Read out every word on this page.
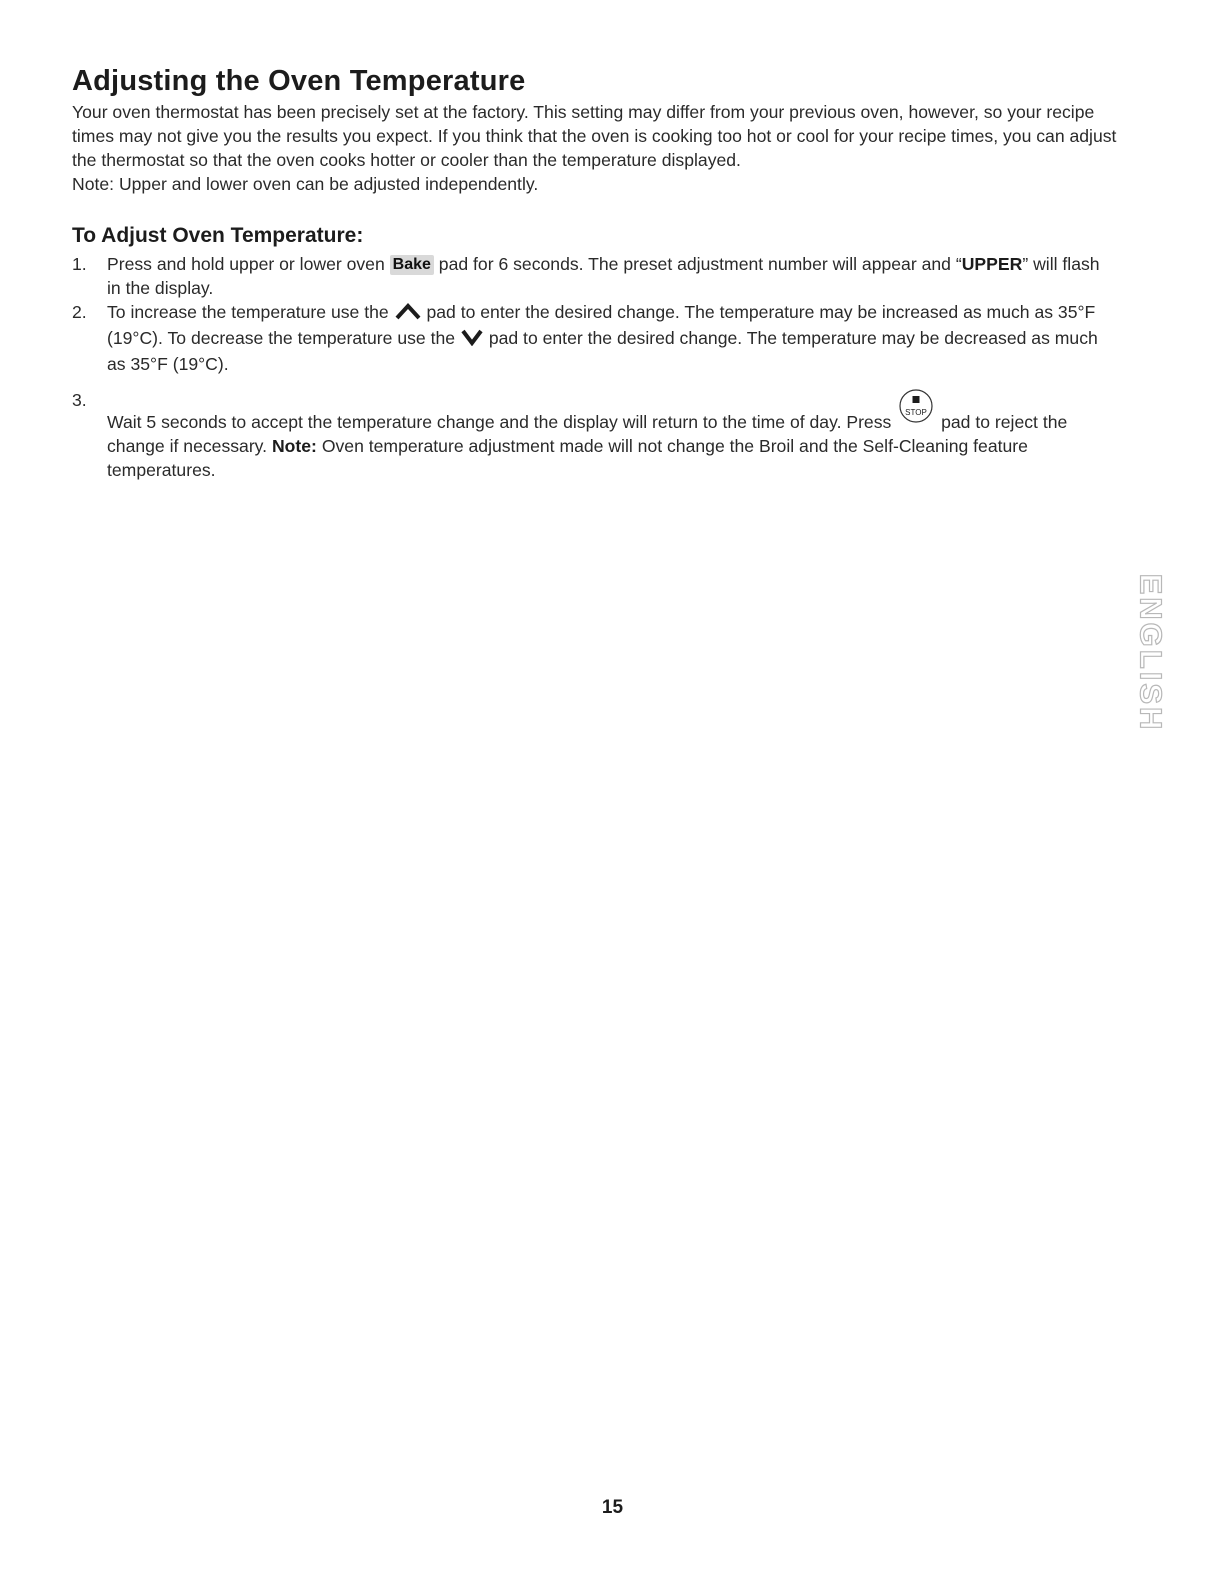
Adjusting the Oven Temperature

Your oven thermostat has been precisely set at the factory. This setting may differ from your previous oven, however, so your recipe times may not give you the results you expect. If you think that the oven is cooking too hot or cool for your recipe times, you can adjust the thermostat so that the oven cooks hotter or cooler than the temperature displayed.

Note: Upper and lower oven can be adjusted independently.

To Adjust Oven Temperature:
1. Press and hold upper or lower oven Bake pad for 6 seconds. The preset adjustment number will appear and “UPPER” will flash in the display.
2. To increase the temperature use the pad to enter the desired change. The temperature may be increased as much as 35°F (19°C). To decrease the temperature use the pad to enter the desired change. The temperature may be decreased as much as 35°F (19°C).
3.
Wait 5 seconds to accept the temperature change and the display will return to the time of day. Press STOP pad to reject the change if necessary. Note: Oven temperature adjustment made will not change the Broil and the Self-Cleaning feature temperatures.
ENGLISH
15
